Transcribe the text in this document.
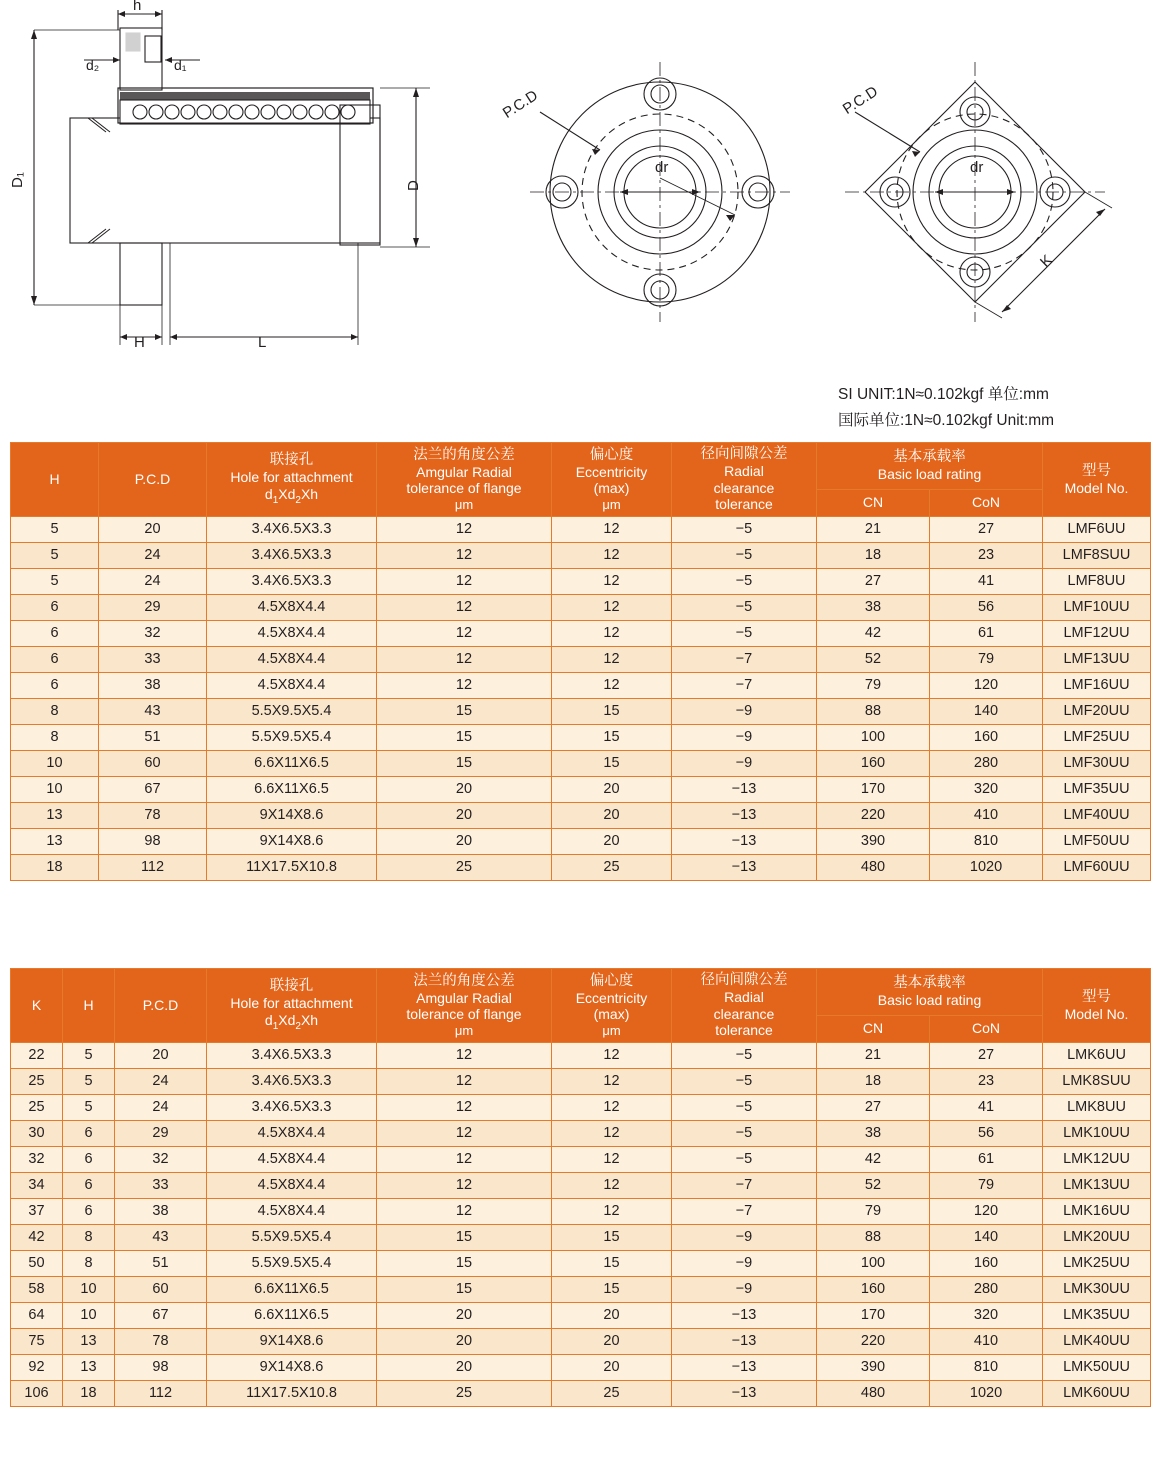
h
d₂	d₁
D₁	D
H	L
P.C.D
dr
P.C.D
dr
K
SI UNIT:1N≈0.102kgf 单位:mm
国际单位:1N≈0.102kgf Unit:mm
H	P.C.D	联接孔
Hole for attachment
$d_1Xd_2Xh$	法兰的角度公差
Amgular Radial
tolerance of flange
μm	偏心度
Eccentricity
(max)
μm	径向间隙公差
Radial
clearance
tolerance	基本承载率
Basic load rating		型号
Model No.

						CN	CoN	
5	20	3.4X6.5X3.3	12	12	−5	21	27	LMF6UU
5	24	3.4X6.5X3.3	12	12	−5	18	23	LMF8SUU
5	24	3.4X6.5X3.3	12	12	−5	27	41	LMF8UU
6	29	4.5X8X4.4	12	12	−5	38	56	LMF10UU
6	32	4.5X8X4.4	12	12	−5	42	61	LMF12UU
6	33	4.5X8X4.4	12	12	−7	52	79	LMF13UU
6	38	4.5X8X4.4	12	12	−7	79	120	LMF16UU
8	43	5.5X9.5X5.4	15	15	−9	88	140	LMF20UU
8	51	5.5X9.5X5.4	15	15	−9	100	160	LMF25UU
10	60	6.6X11X6.5	15	15	−9	160	280	LMF30UU
10	67	6.6X11X6.5	20	20	−13	170	320	LMF35UU
13	78	9X14X8.6	20	20	−13	220	410	LMF40UU
13	98	9X14X8.6	20	20	−13	390	810	LMF50UU
18	112	11X17.5X10.8	25	25	−13	480	1020	LMF60UU
K	H	P.C.D	联接孔
Hole for attachment
$d_1Xd_2Xh$	法兰的角度公差
Amgular Radial
tolerance of flange
μm	偏心度
Eccentricity
(max)
μm	径向间隙公差
Radial
clearance
tolerance	基本承载率
Basic load rating		型号
Model No.

							CN	CoN	
22	5	20	3.4X6.5X3.3	12	12	−5	21	27	LMK6UU
25	5	24	3.4X6.5X3.3	12	12	−5	18	23	LMK8SUU
25	5	24	3.4X6.5X3.3	12	12	−5	27	41	LMK8UU
30	6	29	4.5X8X4.4	12	12	−5	38	56	LMK10UU
32	6	32	4.5X8X4.4	12	12	−5	42	61	LMK12UU
34	6	33	4.5X8X4.4	12	12	−7	52	79	LMK13UU
37	6	38	4.5X8X4.4	12	12	−7	79	120	LMK16UU
42	8	43	5.5X9.5X5.4	15	15	−9	88	140	LMK20UU
50	8	51	5.5X9.5X5.4	15	15	−9	100	160	LMK25UU
58	10	60	6.6X11X6.5	15	15	−9	160	280	LMK30UU
64	10	67	6.6X11X6.5	20	20	−13	170	320	LMK35UU
75	13	78	9X14X8.6	20	20	−13	220	410	LMK40UU
92	13	98	9X14X8.6	20	20	−13	390	810	LMK50UU
106	18	112	11X17.5X10.8	25	25	−13	480	1020	LMK60UU
